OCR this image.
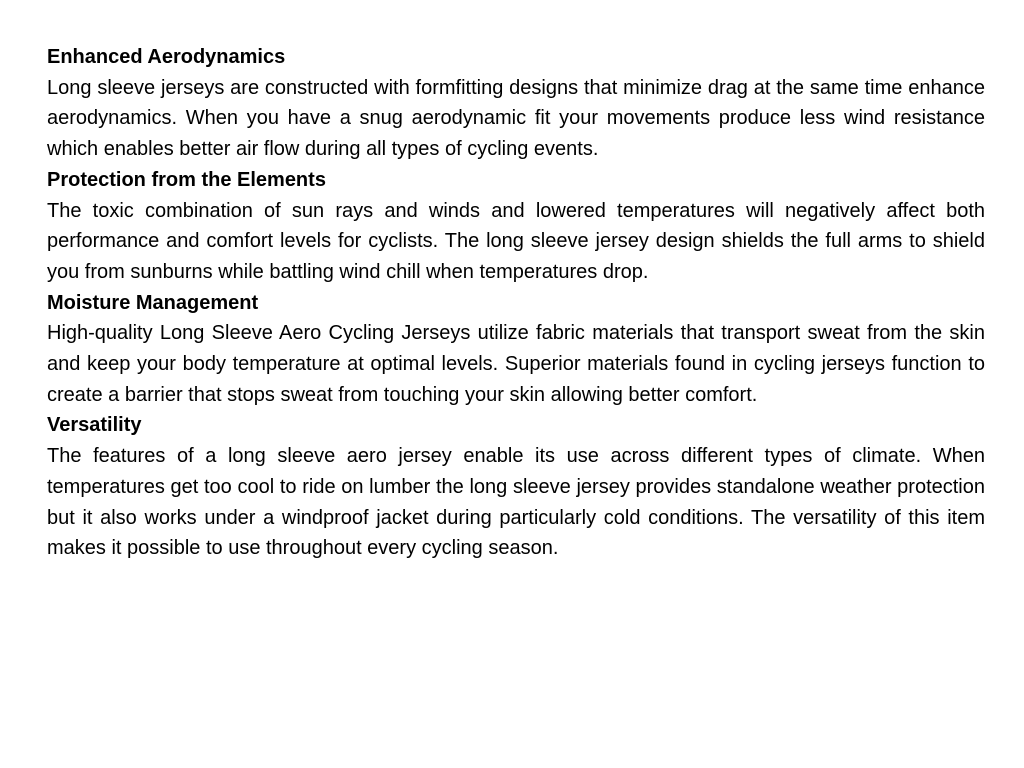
Enhanced Aerodynamics

Long sleeve jerseys are constructed with formfitting designs that minimize drag at the same time enhance aerodynamics. When you have a snug aerodynamic fit your movements produce less wind resistance which enables better air flow during all types of cycling events.

Protection from the Elements

The toxic combination of sun rays and winds and lowered temperatures will negatively affect both performance and comfort levels for cyclists. The long sleeve jersey design shields the full arms to shield you from sunburns while battling wind chill when temperatures drop.

Moisture Management

High-quality Long Sleeve Aero Cycling Jerseys utilize fabric materials that transport sweat from the skin and keep your body temperature at optimal levels. Superior materials found in cycling jerseys function to create a barrier that stops sweat from touching your skin allowing better comfort.

Versatility

The features of a long sleeve aero jersey enable its use across different types of climate. When temperatures get too cool to ride on lumber the long sleeve jersey provides standalone weather protection but it also works under a windproof jacket during particularly cold conditions. The versatility of this item makes it possible to use throughout every cycling season.
